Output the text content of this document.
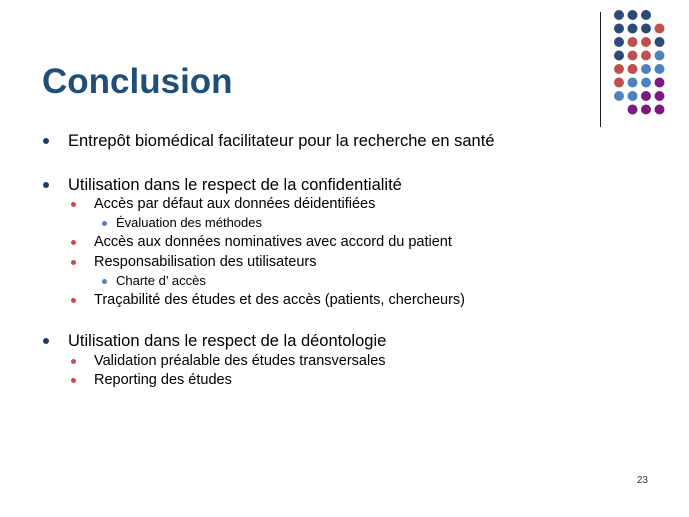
Conclusion
Entrepôt biomédical facilitateur pour la recherche en santé
Utilisation dans le respect de la confidentialité
Accès par défaut aux données déidentifiées
Évaluation des méthodes
Accès aux données nominatives avec accord du patient
Responsabilisation des utilisateurs
Charte d’ accès
Traçabilité des études et des accès (patients, chercheurs)
Utilisation dans le respect de la déontologie
Validation préalable des études transversales
Reporting des études
23
